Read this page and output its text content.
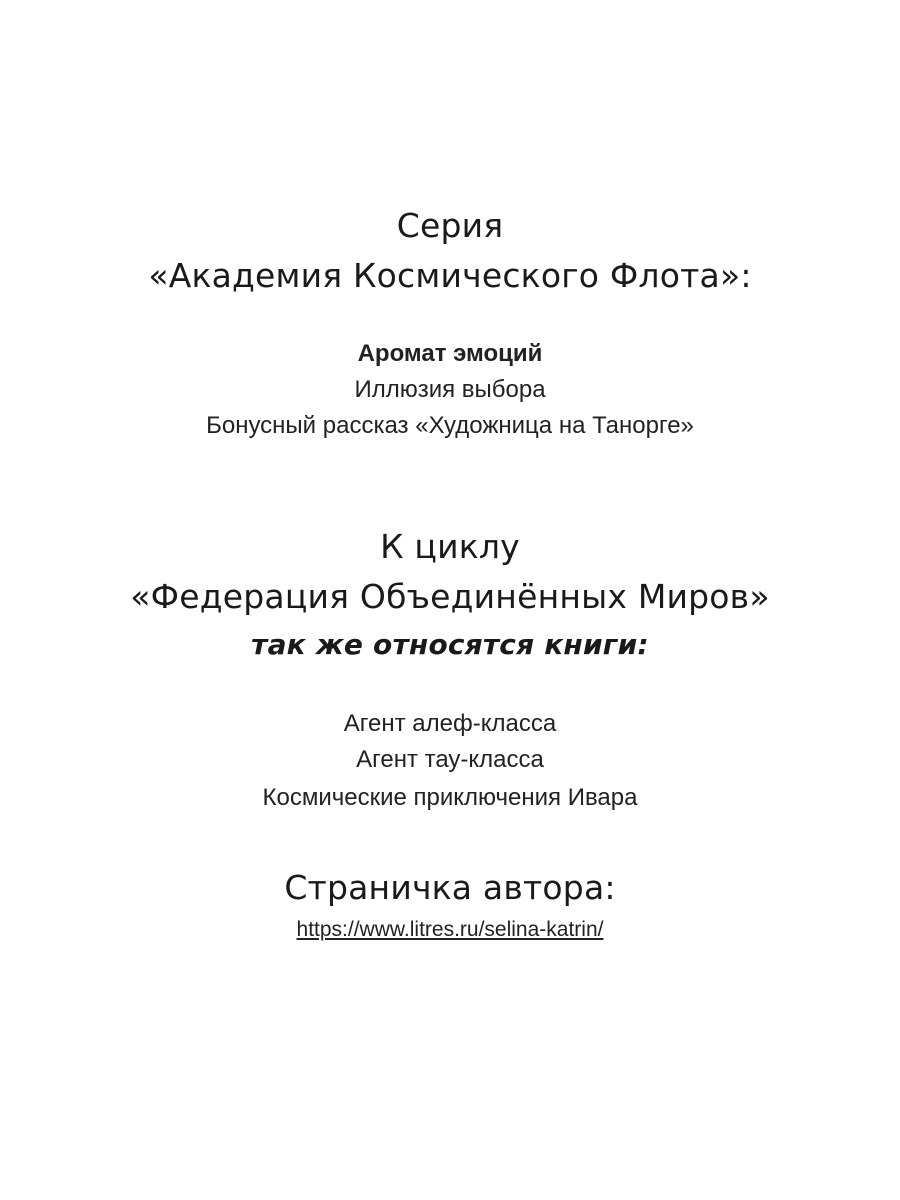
Серия
«Академия Космического Флота»:
Аромат эмоций
Иллюзия выбора
Бонусный рассказ «Художница на Танорге»
К циклу
«Федерация Объединённых Миров»
так же относятся книги:
Агент алеф-класса
Агент тау-класса
Космические приключения Ивара
Страничка автора:
https://www.litres.ru/selina-katrin/
